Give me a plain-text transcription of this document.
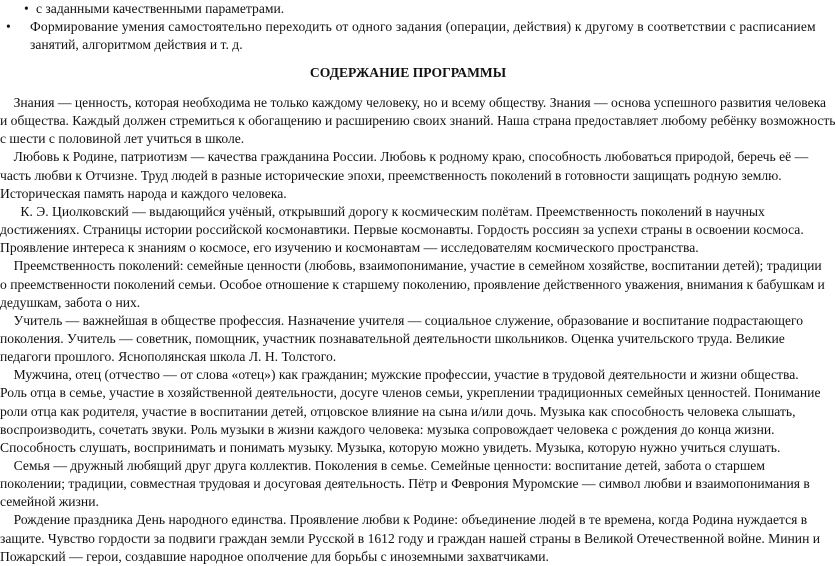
• с заданными качественными параметрами.
• Формирование умения самостоятельно переходить от одного задания (операции, действия) к другому в соответствии с расписанием
занятий, алгоритмом действия и т. д.
СОДЕРЖАНИЕ ПРОГРАММЫ
Знания — ценность, которая необходима не только каждому человеку, но и всему обществу. Знания — основа успешного развития человека
и общества. Каждый должен стремиться к обогащению и расширению своих знаний. Наша страна предоставляет любому ребёнку возможность
с шести с половиной лет учиться в школе.
Любовь к Родине, патриотизм — качества гражданина России. Любовь к родному краю, способность любоваться природой, беречь её —
часть любви к Отчизне. Труд людей в разные исторические эпохи, преемственность поколений в готовности защищать родную землю.
Историческая память народа и каждого человека.
К. Э. Циолковский — выдающийся учёный, открывший дорогу к космическим полётам. Преемственность поколений в научных
достижениях. Страницы истории российской космонавтики. Первые космонавты. Гордость россиян за успехи страны в освоении космоса.
Проявление интереса к знаниям о космосе, его изучению и космонавтам — исследователям космического пространства.
Преемственность поколений: семейные ценности (любовь, взаимопонимание, участие в семейном хозяйстве, воспитании детей); традиции
о преемственности поколений семьи. Особое отношение к старшему поколению, проявление действенного уважения, внимания к бабушкам и
дедушкам, забота о них.
Учитель — важнейшая в обществе профессия. Назначение учителя — социальное служение, образование и воспитание подрастающего
поколения. Учитель — советник, помощник, участник познавательной деятельности школьников. Оценка учительского труда. Великие
педагоги прошлого. Яснополянская школа Л. Н. Толстого.
Мужчина, отец (отчество — от слова «отец») как гражданин; мужские профессии, участие в трудовой деятельности и жизни общества.
Роль отца в семье, участие в хозяйственной деятельности, досуге членов семьи, укреплении традиционных семейных ценностей. Понимание
роли отца как родителя, участие в воспитании детей, отцовское влияние на сына и/или дочь. Музыка как способность человека слышать,
воспроизводить, сочетать звуки. Роль музыки в жизни каждого человека: музыка сопровождает человека с рождения до конца жизни.
Способность слушать, воспринимать и понимать музыку. Музыка, которую можно увидеть. Музыка, которую нужно учиться слушать.
Семья — дружный любящий друг друга коллектив. Поколения в семье. Семейные ценности: воспитание детей, забота о старшем
поколении; традиции, совместная трудовая и досуговая деятельность. Пётр и Феврония Муромские — символ любви и взаимопонимания в
семейной жизни.
Рождение праздника День народного единства. Проявление любви к Родине: объединение людей в те времена, когда Родина нуждается в
защите. Чувство гордости за подвиги граждан земли Русской в 1612 году и граждан нашей страны в Великой Отечественной войне. Минин и
Пожарский — герои, создавшие народное ополчение для борьбы с иноземными захватчиками.
